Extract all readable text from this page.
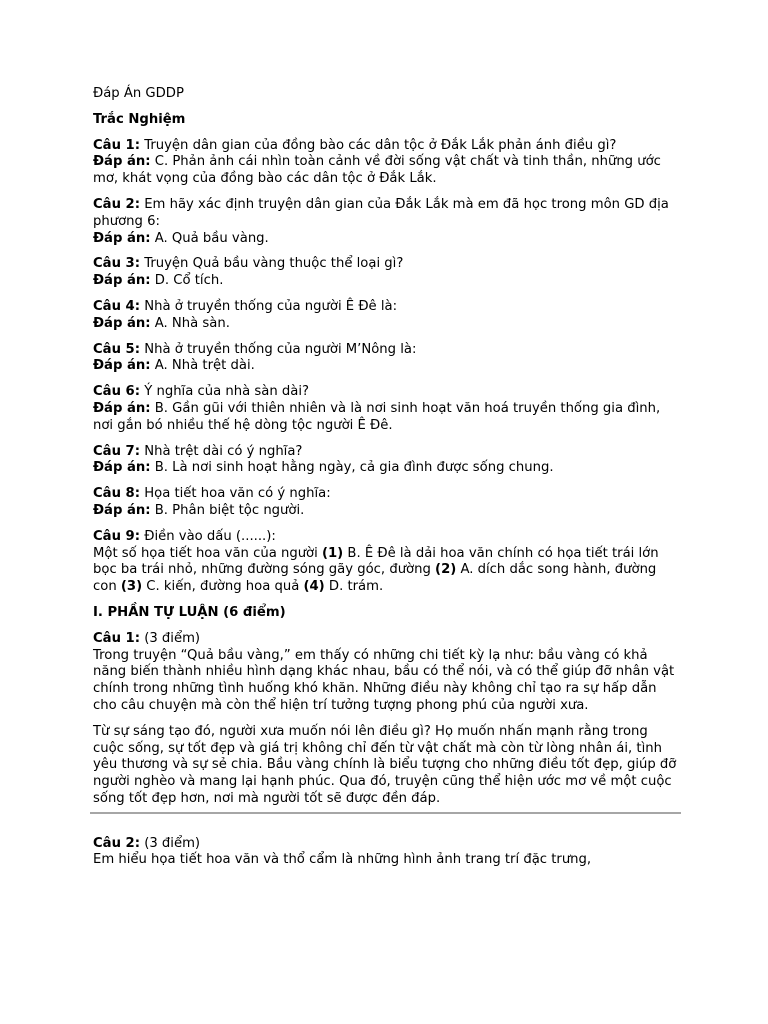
Đáp Án GDDP

Trắc Nghiệm

Câu 1: Truyện dân gian của đồng bào các dân tộc ở Đắk Lắk phản ánh điều gì?

Đáp án: C. Phản ảnh cái nhìn toàn cảnh về đời sống vật chất và tinh thần, những ước mơ, khát vọng của đồng bào các dân tộc ở Đắk Lắk.

Câu 2: Em hãy xác định truyện dân gian của Đắk Lắk mà em đã học trong môn GD địa phương 6:

Đáp án: A. Quả bầu vàng.

Câu 3: Truyện Quả bầu vàng thuộc thể loại gì?

Đáp án: D. Cổ tích.

Câu 4: Nhà ở truyền thống của người Ê Đê là:

Đáp án: A. Nhà sàn.

Câu 5: Nhà ở truyền thống của người M’Nông là:

Đáp án: A. Nhà trệt dài.

Câu 6: Ý nghĩa của nhà sàn dài?

Đáp án: B. Gần gũi với thiên nhiên và là nơi sinh hoạt văn hoá truyền thống gia đình, nơi gắn bó nhiều thế hệ dòng tộc người Ê Đê.

Câu 7: Nhà trệt dài có ý nghĩa?

Đáp án: B. Là nơi sinh hoạt hằng ngày, cả gia đình được sống chung.

Câu 8: Họa tiết hoa văn có ý nghĩa:

Đáp án: B. Phân biệt tộc người.

Câu 9: Điền vào dấu (......):

Một số họa tiết hoa văn của người (1) B. Ê Đê là dải hoa văn chính có họa tiết trái lớn bọc ba trái nhỏ, những đường sóng gãy góc, đường (2) A. dích dắc song hành, đường con (3) C. kiến, đường hoa quả (4) D. trám.

I. PHẦN TỰ LUẬN (6 điểm)

Câu 1: (3 điểm)

Trong truyện “Quả bầu vàng,” em thấy có những chi tiết kỳ lạ như: bầu vàng có khả năng biến thành nhiều hình dạng khác nhau, bầu có thể nói, và có thể giúp đỡ nhân vật chính trong những tình huống khó khăn. Những điều này không chỉ tạo ra sự hấp dẫn cho câu chuyện mà còn thể hiện trí tưởng tượng phong phú của người xưa.

Từ sự sáng tạo đó, người xưa muốn nói lên điều gì? Họ muốn nhấn mạnh rằng trong cuộc sống, sự tốt đẹp và giá trị không chỉ đến từ vật chất mà còn từ lòng nhân ái, tình yêu thương và sự sẻ chia. Bầu vàng chính là biểu tượng cho những điều tốt đẹp, giúp đỡ người nghèo và mang lại hạnh phúc. Qua đó, truyện cũng thể hiện ước mơ về một cuộc sống tốt đẹp hơn, nơi mà người tốt sẽ được đền đáp.

Câu 2: (3 điểm)

Em hiểu họa tiết hoa văn và thổ cẩm là những hình ảnh trang trí đặc trưng,
